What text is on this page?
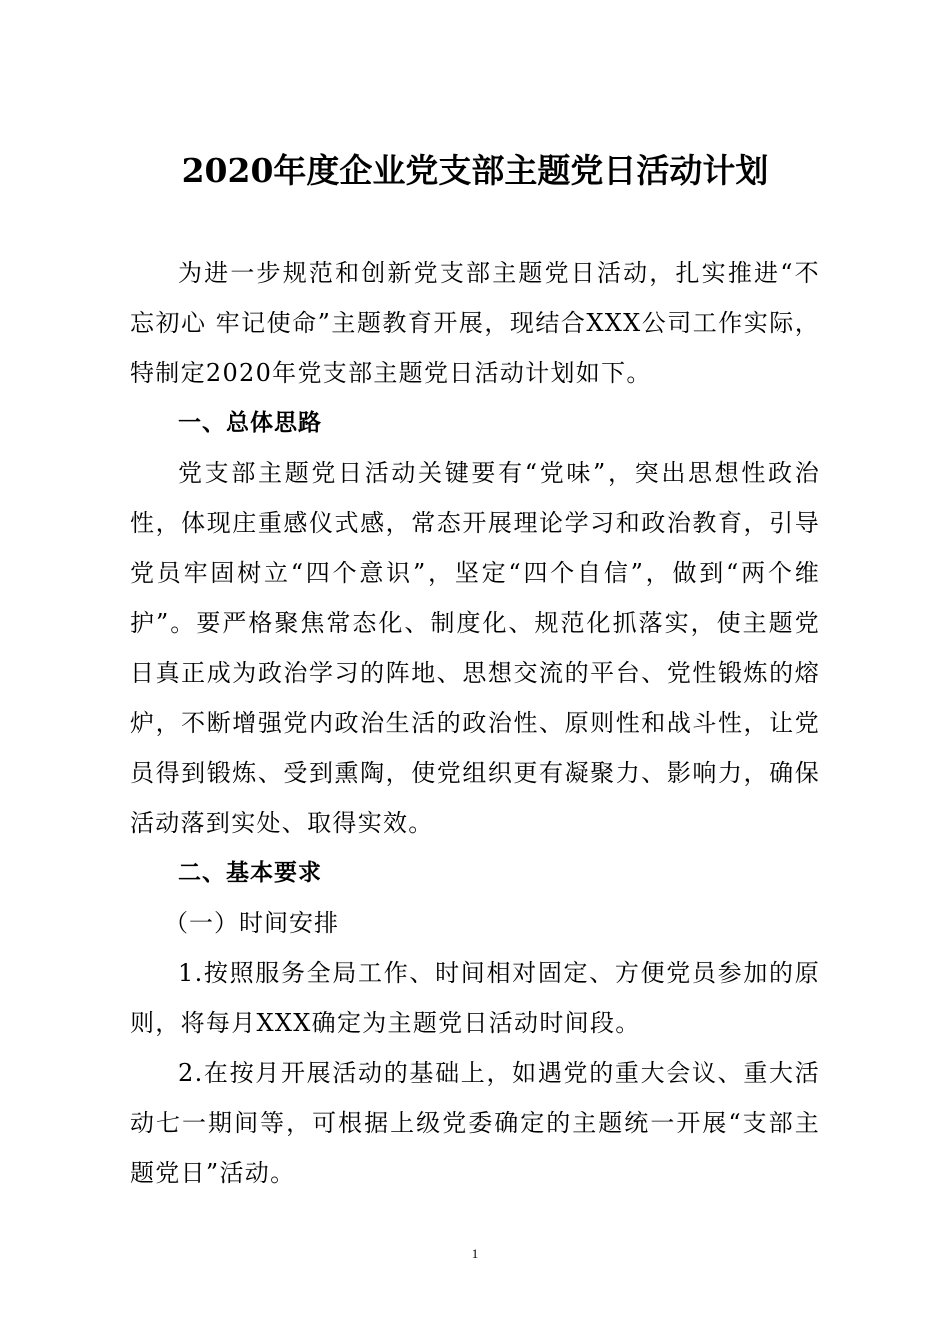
2020年度企业党支部主题党日活动计划

为进一步规范和创新党支部主题党日活动，扎实推进“不忘初心 牢记使命”主题教育开展，现结合XXX公司工作实际，特制定2020年党支部主题党日活动计划如下。

一、总体思路

党支部主题党日活动关键要有“党味”，突出思想性政治性，体现庄重感仪式感，常态开展理论学习和政治教育，引导党员牢固树立“四个意识”，坚定“四个自信”，做到“两个维护”。要严格聚焦常态化、制度化、规范化抓落实，使主题党日真正成为政治学习的阵地、思想交流的平台、党性锻炼的熔炉，不断增强党内政治生活的政治性、原则性和战斗性，让党员得到锻炼、受到熏陶，使党组织更有凝聚力、影响力，确保活动落到实处、取得实效。

二、基本要求

（一）时间安排

1.按照服务全局工作、时间相对固定、方便党员参加的原则，将每月XXX确定为主题党日活动时间段。

2.在按月开展活动的基础上，如遇党的重大会议、重大活动七一期间等，可根据上级党委确定的主题统一开展“支部主题党日”活动。

1
